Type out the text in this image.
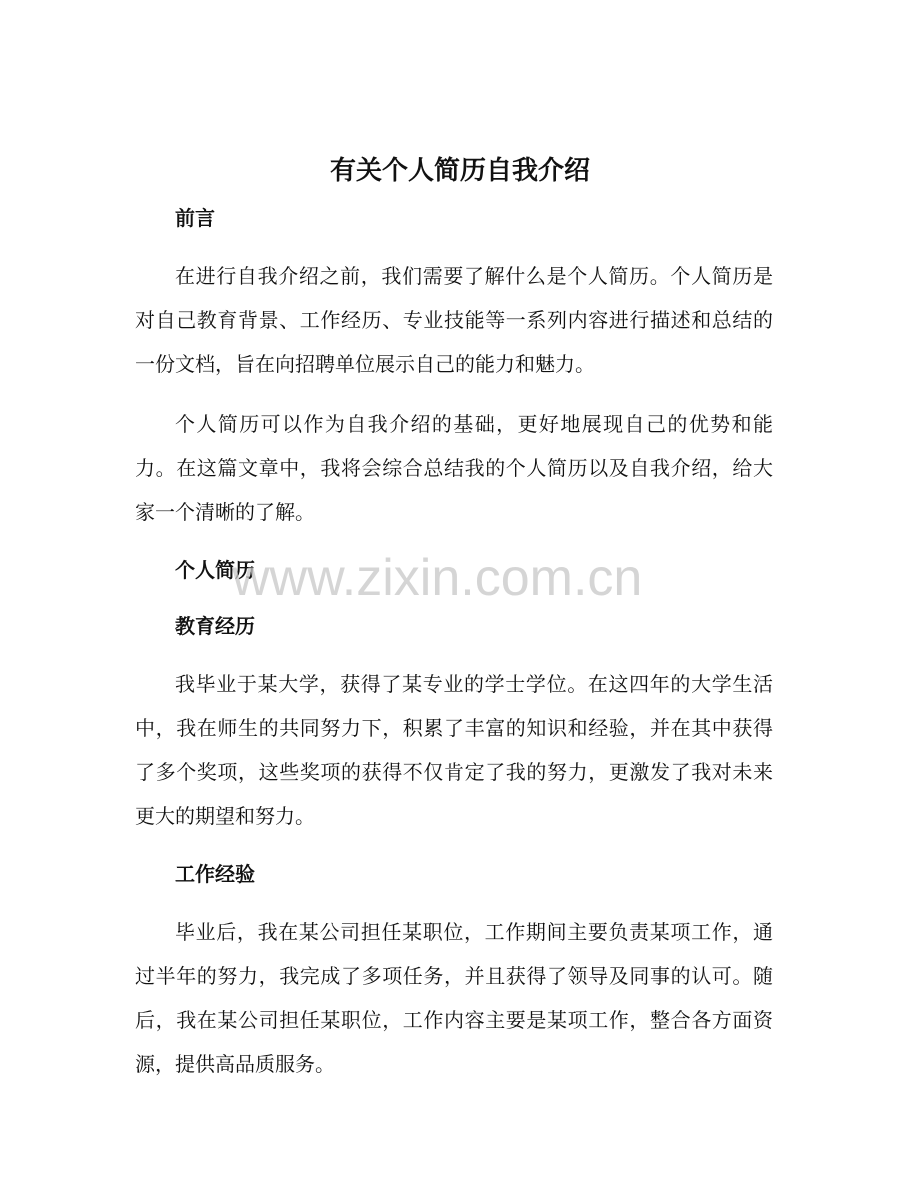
有关个人简历自我介绍
前言

在进行自我介绍之前，我们需要了解什么是个人简历。个人简历是对自己教育背景、工作经历、专业技能等一系列内容进行描述和总结的一份文档，旨在向招聘单位展示自己的能力和魅力。

个人简历可以作为自我介绍的基础，更好地展现自己的优势和能力。在这篇文章中，我将会综合总结我的个人简历以及自我介绍，给大家一个清晰的了解。

个人简历
教育经历

我毕业于某大学，获得了某专业的学士学位。在这四年的大学生活中，我在师生的共同努力下，积累了丰富的知识和经验，并在其中获得了多个奖项，这些奖项的获得不仅肯定了我的努力，更激发了我对未来更大的期望和努力。

工作经验

毕业后，我在某公司担任某职位，工作期间主要负责某项工作，通过半年的努力，我完成了多项任务，并且获得了领导及同事的认可。随后，我在某公司担任某职位，工作内容主要是某项工作，整合各方面资源，提供高品质服务。

www.zixin.com.cn
